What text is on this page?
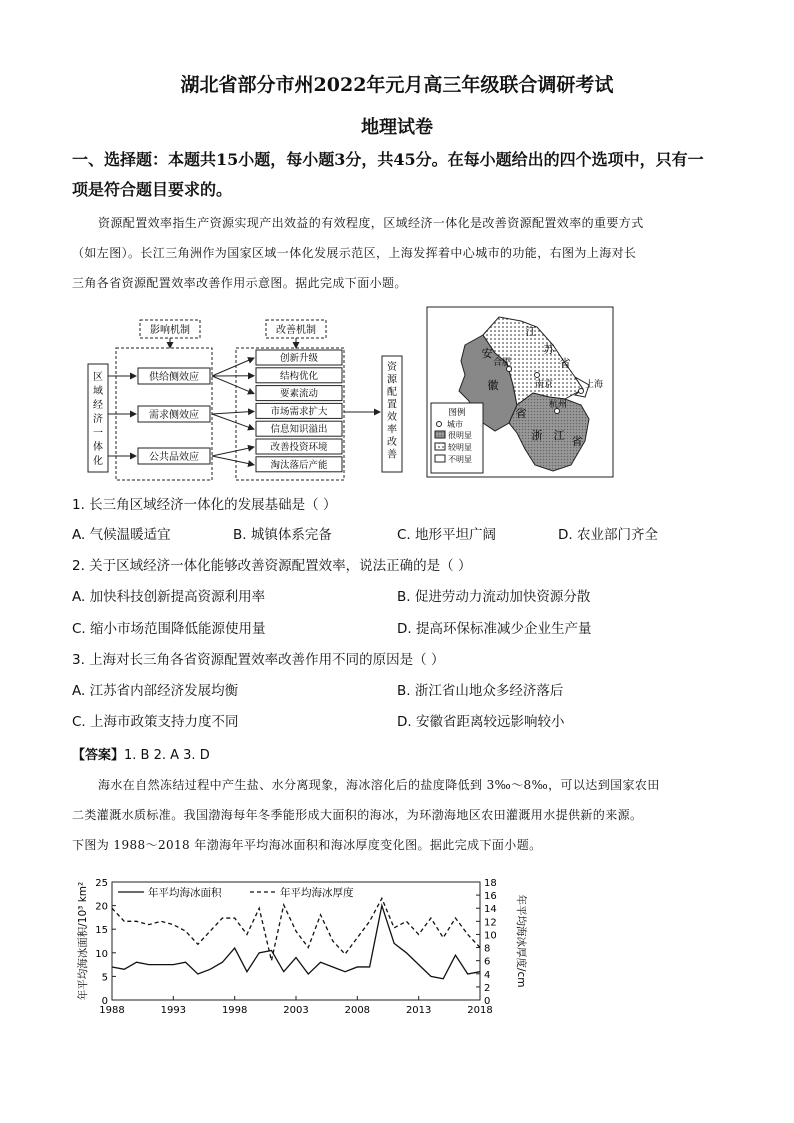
湖北省部分市州2022年元月高三年级联合调研考试
地理试卷
一、选择题：本题共15小题，每小题3分，共45分。在每小题给出的四个选项中，只有一
项是符合题目要求的。
资源配置效率指生产资源实现产出效益的有效程度，区域经济一体化是改善资源配置效率的重要方式
（如左图）。长江三角洲作为国家区域一体化发展示范区，上海发挥着中心城市的功能，右图为上海对长
三角各省资源配置效率改善作用示意图。据此完成下面小题。
区域经济一体化
影响机制
供给侧效应
需求侧效应
公共品效应
改善机制
创新升级
结构优化
要素流动
市场需求扩大
信息知识溢出
改善投资环境
淘汰落后产能
资源配置效率改善
江
苏
省
安
徽
省
浙 江 省
合肥
南京	上海
杭州
图例
城市
很明显
较明显
不明显
1. 长三角区域经济一体化的发展基础是（ ）
A. 气候温暖适宜	B. 城镇体系完备	C. 地形平坦广阔	D. 农业部门齐全
2. 关于区域经济一体化能够改善资源配置效率，说法正确的是（ ）
A. 加快科技创新提高资源利用率	B. 促进劳动力流动加快资源分散
C. 缩小市场范围降低能源使用量	D. 提高环保标准减少企业生产量
3. 上海对长三角各省资源配置效率改善作用不同的原因是（ ）
A. 江苏省内部经济发展均衡	B. 浙江省山地众多经济落后
C. 上海市政策支持力度不同	D. 安徽省距离较远影响较小
【答案】1. B 2. A 3. D
海水在自然冻结过程中产生盐、水分离现象，海冰溶化后的盐度降低到 3‰～8‰，可以达到国家农田
二类灌溉水质标准。我国渤海每年冬季能形成大面积的海冰，为环渤海地区农田灌溉用水提供新的来源。
下图为 1988～2018 年渤海年平均海冰面积和海冰厚度变化图。据此完成下面小题。
0
5
10
15
20
25
0
2
4
6
8
10
12
14
16
18
1988	1993	1998	2003	2008	2013	2018
年平均海冰面积	年平均海冰厚度
年平均海冰面积/10³ km²	年平均海冰厚度/cm
